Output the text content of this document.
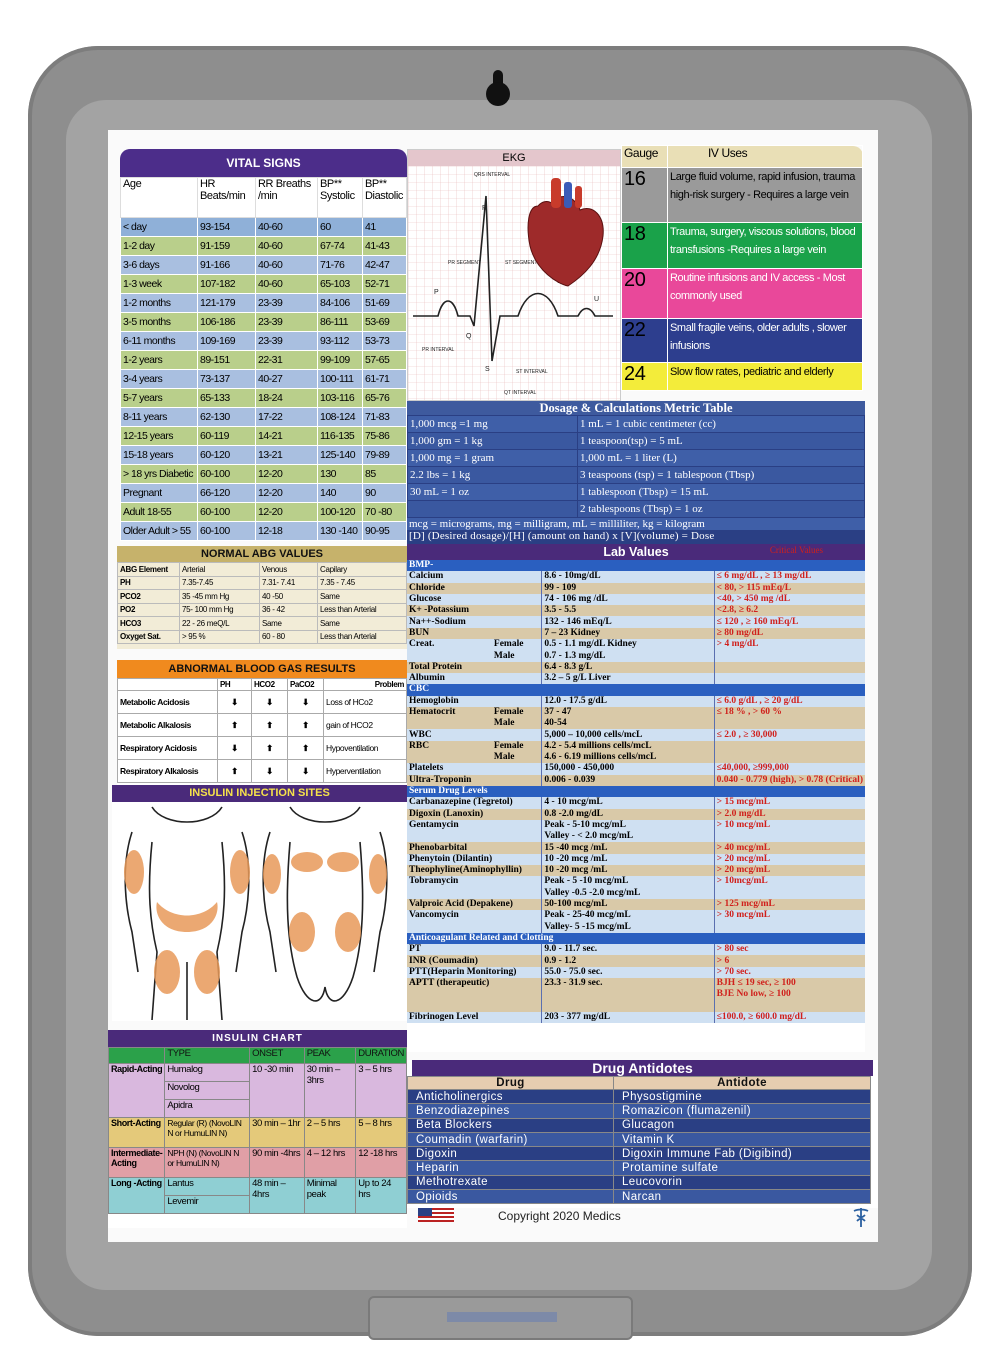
VITAL SIGNS
Age	HR Beats/min	RR Breaths /min	BP** Systolic	BP** Diastolic
< day	93-154	40-60	60	41
1-2 day	91-159	40-60	67-74	41-43
3-6 days	91-166	40-60	71-76	42-47
1-3 week	107-182	40-60	65-103	52-71
1-2 months	121-179	23-39	84-106	51-69
3-5 months	106-186	23-39	86-111	53-69
6-11 months	109-169	23-39	93-112	53-73
1-2 years	89-151	22-31	99-109	57-65
3-4 years	73-137	40-27	100-111	61-71
5-7 years	65-133	18-24	103-116	65-76
8-11 years	62-130	17-22	108-124	71-83
12-15 years	60-119	14-21	116-135	75-86
15-18 years	60-120	13-21	125-140	79-89
> 18 yrs Diabetic	60-100	12-20	130	85
Pregnant	66-120	12-20	140	90
Adult 18-55	60-100	12-20	100-120	70 -80
Older Adult > 55	60-100	12-18	130 -140	90-95
NORMAL ABG VALUES
ABG Element	Arterial	Venous	Capilary
PH	7.35-7.45	7.31- 7.41	7.35 - 7.45
PCO2	35 -45 mm Hg	40 -50	Same
PO2	75- 100 mm Hg	36 - 42	Less than Arterial
HCO3	22 - 26 meQ/L	Same	Same
Oxyget Sat.	> 95 %	60 - 80	Less than Arterial
ABNORMAL BLOOD GAS RESULTS
	PH	HCO2	PaCO2	Problem
Metabolic Acidosis	⬇	⬇	⬇	Loss of HCo2
Metabolic Alkalosis	⬆	⬆	⬆	gain of HCO2
Respiratory Acidosis	⬇	⬆	⬆	Hypoventilation
Respiratory Alkalosis	⬆	⬇	⬇	Hyperventilation
INSULIN INJECTION SITES
INSULIN CHART
	TYPE	ONSET	PEAK	DURATION
Rapid-Acting	Humalog	10 -30 min	30 min – 3hrs	3 – 5 hrs
	Novolog			
	Apidra			
Short-Acting	Regular (R) (NovoLIN N or HumuLIN N)	30 min – 1hr	2 – 5 hrs	5 – 8 hrs
Intermediate-Acting	NPH (N) (NovoLIN N or HumuLIN N)	90 min -4hrs	4 – 12 hrs	12 -18 hrs
Long -Acting	Lantus	48 min – 4hrs	Minimal peak	Up to 24 hrs
	Levemir			
EKG
QRS INTERVAL
R
PR SEGMENT	ST SEGMENT
P
U
Q
S
PR INTERVAL
ST INTERVAL
QT INTERVAL
Gauge	IV Uses
16	Large fluid volume, rapid infusion, trauma high-risk surgery - Requires a large vein
18	Trauma, surgery, viscous solutions, blood transfusions -Requires a large vein
20	Routine infusions and IV access - Most commonly used
22	Small fragile veins, older adults , slower infusions
24	Slow flow rates, pediatric and elderly
Dosage & Calculations Metric Table
1,000 mcg =1 mg	1 mL = 1 cubic centimeter (cc)
1,000 gm = 1 kg	1 teaspoon(tsp) = 5 mL
1,000 mg = 1 gram	1,000 mL = 1 liter (L)
2.2 lbs = 1 kg	3 teaspoons (tsp) = 1 tablespoon (Tbsp)
30 mL = 1 oz	1 tablespoon (Tbsp) = 15 mL
	2 tablespoons (Tbsp) = 1 oz
mcg = micrograms, mg = milligram, mL = milliliter, kg = kilogram
[D] (Desired dosage)/[H] (amount on hand) x [V](volume) = Dose
Lab Values	Critical Values
BMP-			
Calcium		8.6 - 10mg/dL	≤ 6 mg/dL , ≥ 13 mg/dL
Chloride		99 - 109	< 80, > 115 mEq/L
Glucose		74 - 106 mg /dL	<40, > 450 mg /dL
K+ -Potassium		3.5 - 5.5	<2.8, ≥ 6.2
Na++-Sodium		132 - 146 mEq/L	≤ 120 , ≥ 160 mEq/L
BUN		7 – 23 Kidney	≥ 80 mg/dL
Creat.	Female	0.5 - 1.1 mg/dL Kidney	> 4 mg/dL
	Male	0.7 - 1.3 mg/dL	
Total Protein		6.4 - 8.3 g/L	
Albumin		3.2 – 5 g/L Liver	
CBC			
Hemoglobin		12.0 - 17.5 g/dL	≤ 6.0 g/dL , ≥ 20 g/dL
Hematocrit	Female	37 - 47	≤ 18 % , > 60 %
	Male	40-54	
WBC		5,000 – 10,000 cells/mcL	≤ 2.0 , ≥ 30,000
RBC	Female	4.2 - 5.4 millions cells/mcL	
	Male	4.6 - 6.19 millions cells/mcL	
Platelets		150,000 - 450,000	≤40,000, ≥999,000
Ultra-Troponin		0.006 - 0.039	0.040 - 0.779 (high), > 0.78 (Critical)
Serum Drug Levels			
Carbanazepine (Tegretol)		4 - 10 mcg/mL	> 15 mcg/mL
Digoxin (Lanoxin)		0.8 -2.0 mg/dL	> 2.0 mg/dL
Gentamycin		Peak - 5-10 mcg/mL	> 10 mcg/mL
		Valley - < 2.0 mcg/mL	
Phenobarbital		15 -40 mcg /mL	> 40 mcg/mL
Phenytoin (Dilantin)		10 -20 mcg /mL	> 20 mcg/mL
Theophyline(Aminophyllin)		10 -20 mcg /mL	> 20 mcg/mL
Tobramycin		Peak - 5 -10 mcg/mL	> 10mcg/mL
		Valley -0.5 -2.0 mcg/mL	
Valproic Acid (Depakene)		50-100 mcg/mL	> 125 mcg/mL
Vancomycin		Peak - 25-40 mcg/mL	> 30 mcg/mL
		Valley- 5 -15 mcg/mL	
Anticoagulant Related and Clotting			
PT		9.0 - 11.7 sec.	> 80 sec
INR (Coumadin)		0.9 - 1.2	> 6
PTT(Heparin Monitoring)		55.0 - 75.0 sec.	> 70 sec.
APTT (therapeutic)		23.3 - 31.9 sec.	BJH ≤ 19 sec, ≥ 100
			BJE No low, ≥ 100

Fibrinogen Level		203 - 377 mg/dL	≤100.0, ≥ 600.0 mg/dL
Drug Antidotes
Drug	Antidote
Anticholinergics	Physostigmine
Benzodiazepines	Romazicon (flumazenil)
Beta Blockers	Glucagon
Coumadin (warfarin)	Vitamin K
Digoxin	Digoxin Immune Fab (Digibind)
Heparin	Protamine sulfate
Methotrexate	Leucovorin
Opioids	Narcan
Copyright 2020 Medics
